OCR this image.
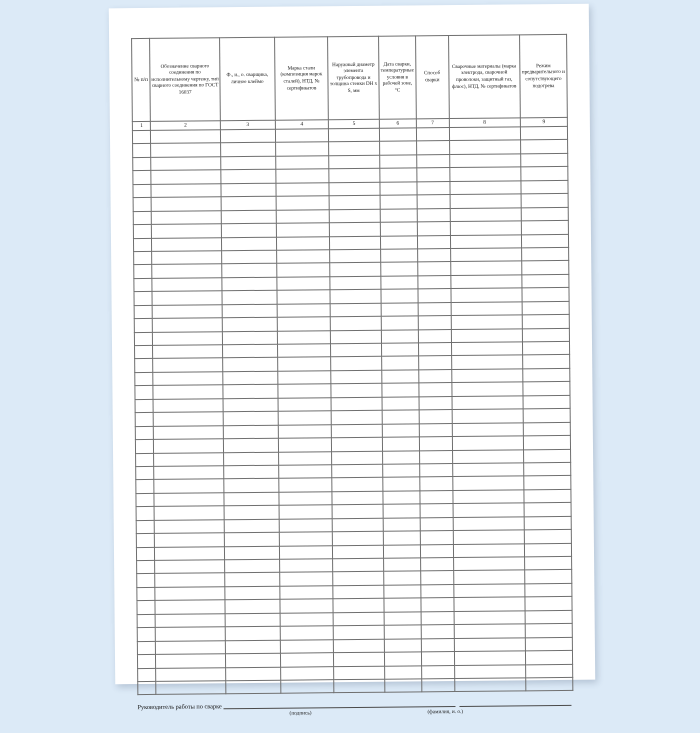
№ п/п	Обозначение сварного соединения по исполнительному чертежу, тип сварного соединения по ГОСТ 16037	Ф., и., о. сварщика, личное клеймо	Марка стали (композиция марок сталей), НТД, № сертификатов	Наружный диаметр элемента трубопровода и толщина стенки DН x S, мм	Дата сварки, температурные условия в рабочей зоне, °С	Способ сварки	Сварочные материалы (марка электрода, сварочной проволоки, защитный газ, флюс), НТД, № сертификатов	Режим предварительного и сопутствующего подогрева
1	2	3	4	5	6	7	8	9

Руководитель работы по сварке
(подпись)	(фамилия, и. о.)
